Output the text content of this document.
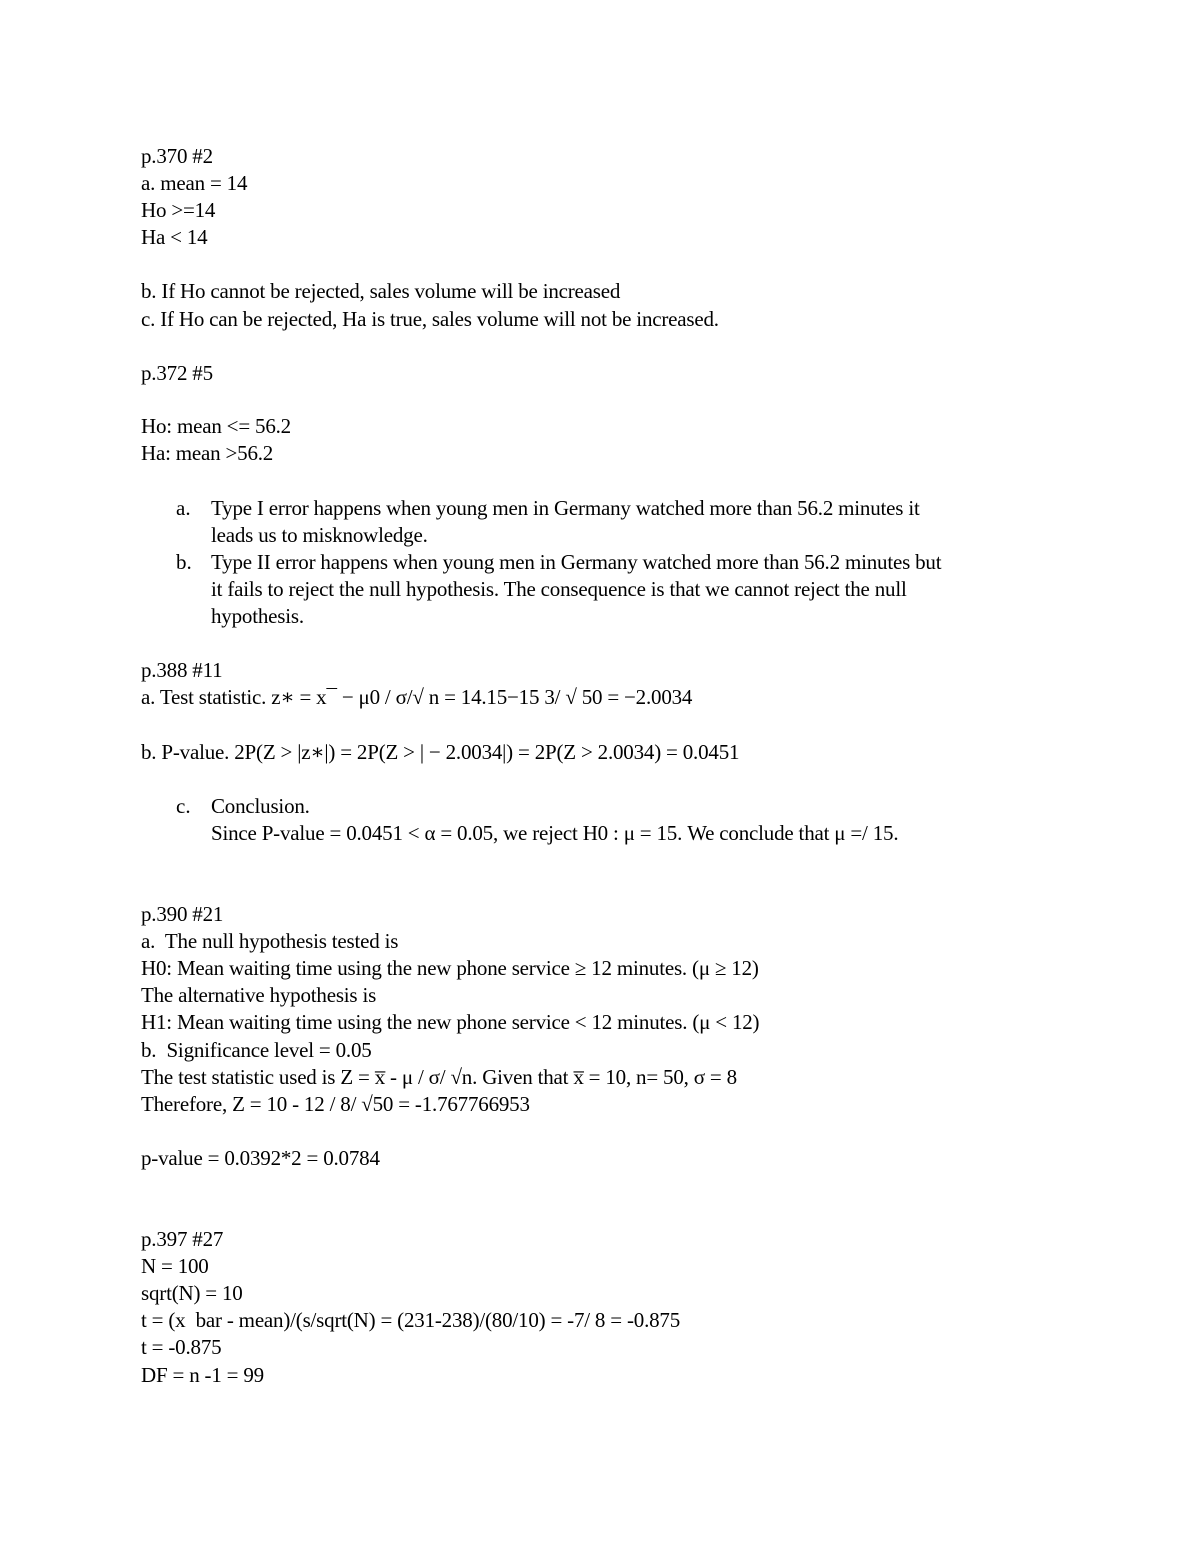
p.370 #2
a. mean = 14
Ho >=14
Ha < 14
b. If Ho cannot be rejected, sales volume will be increased
c. If Ho can be rejected, Ha is true, sales volume will not be increased.
p.372 #5
Ho: mean <= 56.2
Ha: mean >56.2
a. Type I error happens when young men in Germany watched more than 56.2 minutes it
leads us to misknowledge.
b. Type II error happens when young men in Germany watched more than 56.2 minutes but
it fails to reject the null hypothesis. The consequence is that we cannot reject the null
hypothesis.
p.388 #11
a. Test statistic. z∗ = x¯ − μ0 / σ/√ n = 14.15−15 3/ √ 50 = −2.0034
b. P-value. 2P(Z > |z∗|) = 2P(Z > | − 2.0034|) = 2P(Z > 2.0034) = 0.0451
c. Conclusion.
Since P-value = 0.0451 < α = 0.05, we reject H0 : μ = 15. We conclude that μ =/ 15.
p.390 #21
a.  The null hypothesis tested is
H0: Mean waiting time using the new phone service ≥ 12 minutes. (μ ≥ 12)
The alternative hypothesis is
H1: Mean waiting time using the new phone service < 12 minutes. (μ < 12)
b.  Significance level = 0.05
The test statistic used is Z = x̅ - μ / σ/ √n. Given that x̅ = 10, n= 50, σ = 8
Therefore, Z = 10 - 12 / 8/ √50 = -1.767766953
p-value = 0.0392*2 = 0.0784
p.397 #27
N = 100
sqrt(N) = 10
t = (x  bar - mean)/(s/sqrt(N) = (231-238)/(80/10) = -7/ 8 = -0.875
t = -0.875
DF = n -1 = 99
